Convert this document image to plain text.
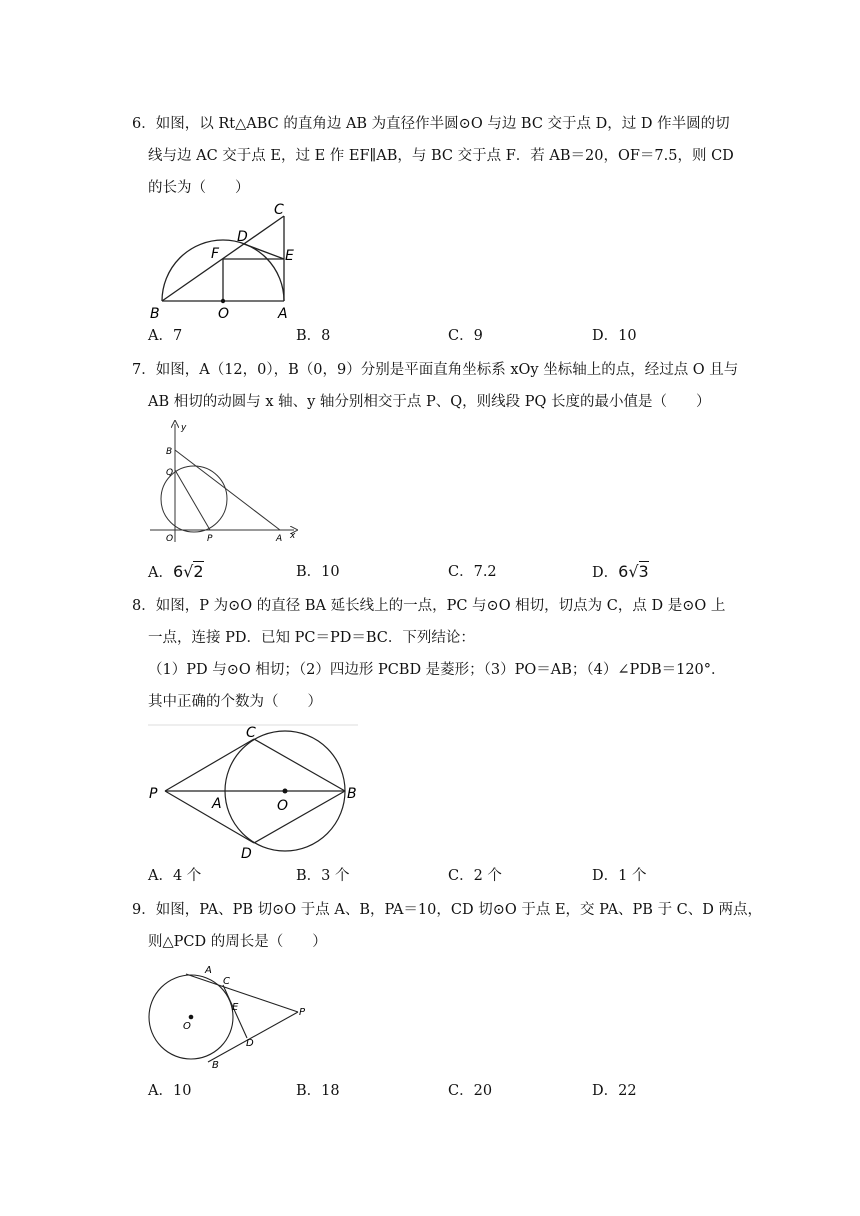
6．如图，以 Rt△ABC 的直角边 AB 为直径作半圆⊙O 与边 BC 交于点 D，过 D 作半圆的切
线与边 AC 交于点 E，过 E 作 EF∥AB，与 BC 交于点 F．若 AB＝20，OF＝7.5，则 CD
的长为（　　）
B	O	A
C
D
E
F
A．7	B．8	C．9	D．10
7．如图，A（12，0），B（0，9）分别是平面直角坐标系 xOy 坐标轴上的点，经过点 O 且与
AB 相切的动圆与 x 轴、y 轴分别相交于点 P、Q，则线段 PQ 长度的最小值是（　　）
y
x
B
Q
O	P	A
A．6√2	B．10	C．7.2	D．6√3
8．如图，P 为⊙O 的直径 BA 延长线上的一点，PC 与⊙O 相切，切点为 C，点 D 是⊙O 上
一点，连接 PD．已知 PC＝PD＝BC．下列结论：
（1）PD 与⊙O 相切；（2）四边形 PCBD 是菱形；（3）PO＝AB；（4）∠PDB＝120°．
其中正确的个数为（　　）
P
A	O
B
C
D
A．4 个	B．3 个	C．2 个	D．1 个
9．如图，PA、PB 切⊙O 于点 A、B，PA＝10，CD 切⊙O 于点 E，交 PA、PB 于 C、D 两点，
则△PCD 的周长是（　　）
A
C
E	P
O
D
B
A．10	B．18	C．20	D．22
